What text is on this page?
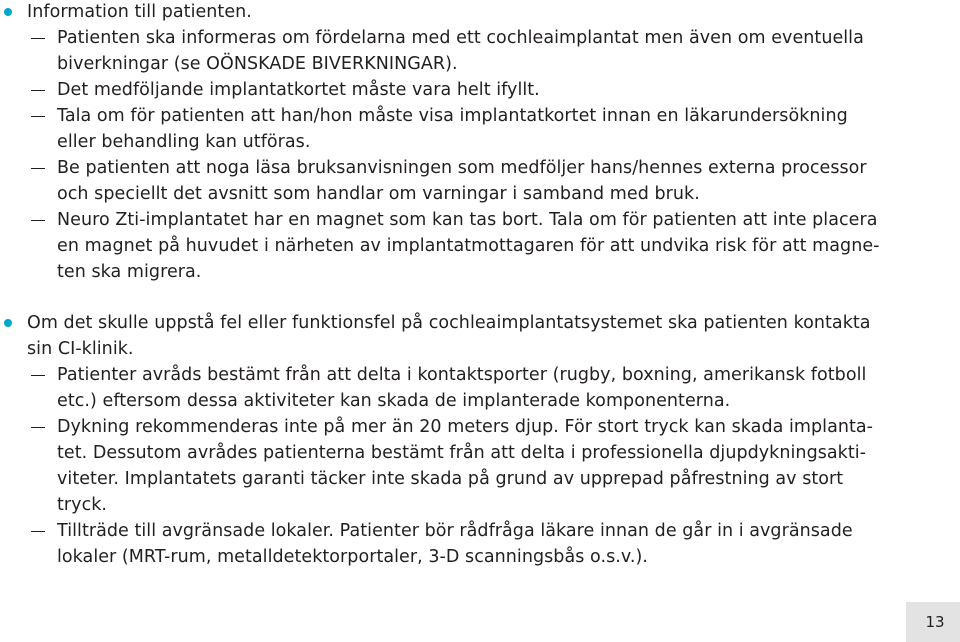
Information till patienten.
Patienten ska informeras om fördelarna med ett cochleaimplantat men även om eventuella
biverkningar (se OÖNSKADE BIVERKNINGAR).
Det medföljande implantatkortet måste vara helt ifyllt.
Tala om för patienten att han/hon måste visa implantatkortet innan en läkarundersökning
eller behandling kan utföras.
Be patienten att noga läsa bruksanvisningen som medföljer hans/hennes externa processor
och speciellt det avsnitt som handlar om varningar i samband med bruk.
Neuro Zti-implantatet har en magnet som kan tas bort. Tala om för patienten att inte placera
en magnet på huvudet i närheten av implantatmottagaren för att undvika risk för att magne-
ten ska migrera.
Om det skulle uppstå fel eller funktionsfel på cochleaimplantatsystemet ska patienten kontakta
sin CI-klinik.
Patienter avråds bestämt från att delta i kontaktsporter (rugby, boxning, amerikansk fotboll
etc.) eftersom dessa aktiviteter kan skada de implanterade komponenterna.
Dykning rekommenderas inte på mer än 20 meters djup. För stort tryck kan skada implanta-
tet. Dessutom avrådes patienterna bestämt från att delta i professionella djupdykningsakti-
viteter. Implantatets garanti täcker inte skada på grund av upprepad påfrestning av stort
tryck.
Tillträde till avgränsade lokaler. Patienter bör rådfråga läkare innan de går in i avgränsade
lokaler (MRT-rum, metalldetektorportaler, 3-D scanningsbås o.s.v.).
13
